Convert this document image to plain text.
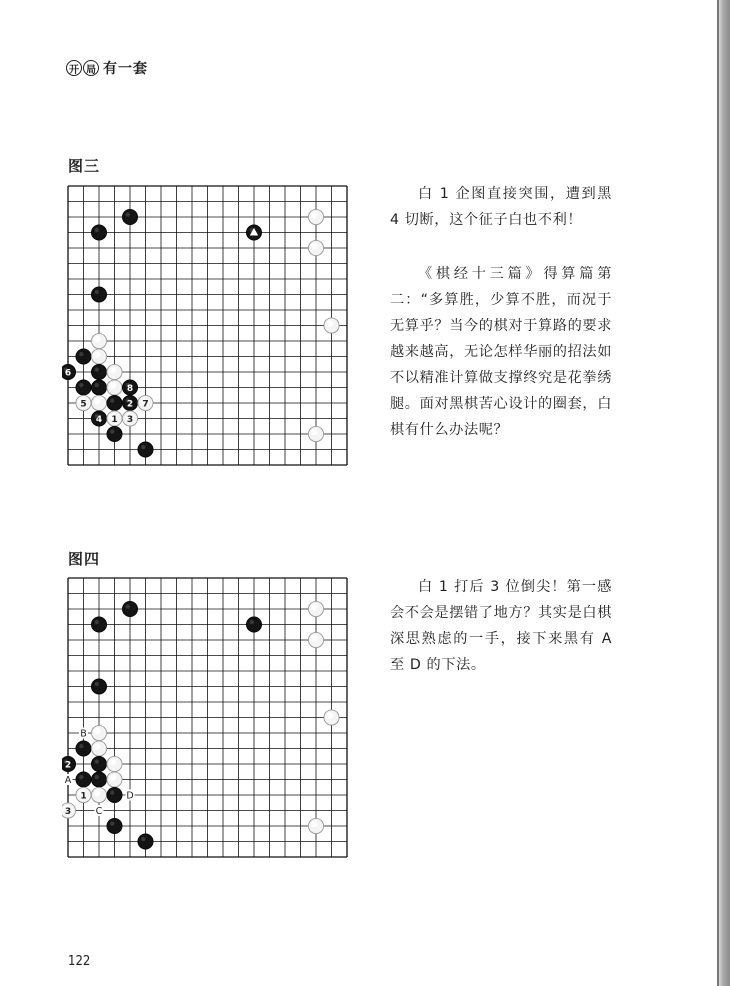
开 局 有一套
图三
6
8
5	2 7
4 1 3

白 1 企图直接突围，遭到黑 4 切断，这个征子白也不利！

《棋经十三篇》得算篇第二：“多算胜，少算不胜，而况于无算乎？当今的棋对于算路的要求越来越高，无论怎样华丽的招法如不以精准计算做支撑终究是花拳绣腿。面对黑棋苦心设计的圈套，白棋有什么办法呢？

图四
2
1
3
B
A
D
C

白 1 打后 3 位倒尖！第一感会不会是摆错了地方？其实是白棋深思熟虑的一手，接下来黑有 A 至 D 的下法。

122
